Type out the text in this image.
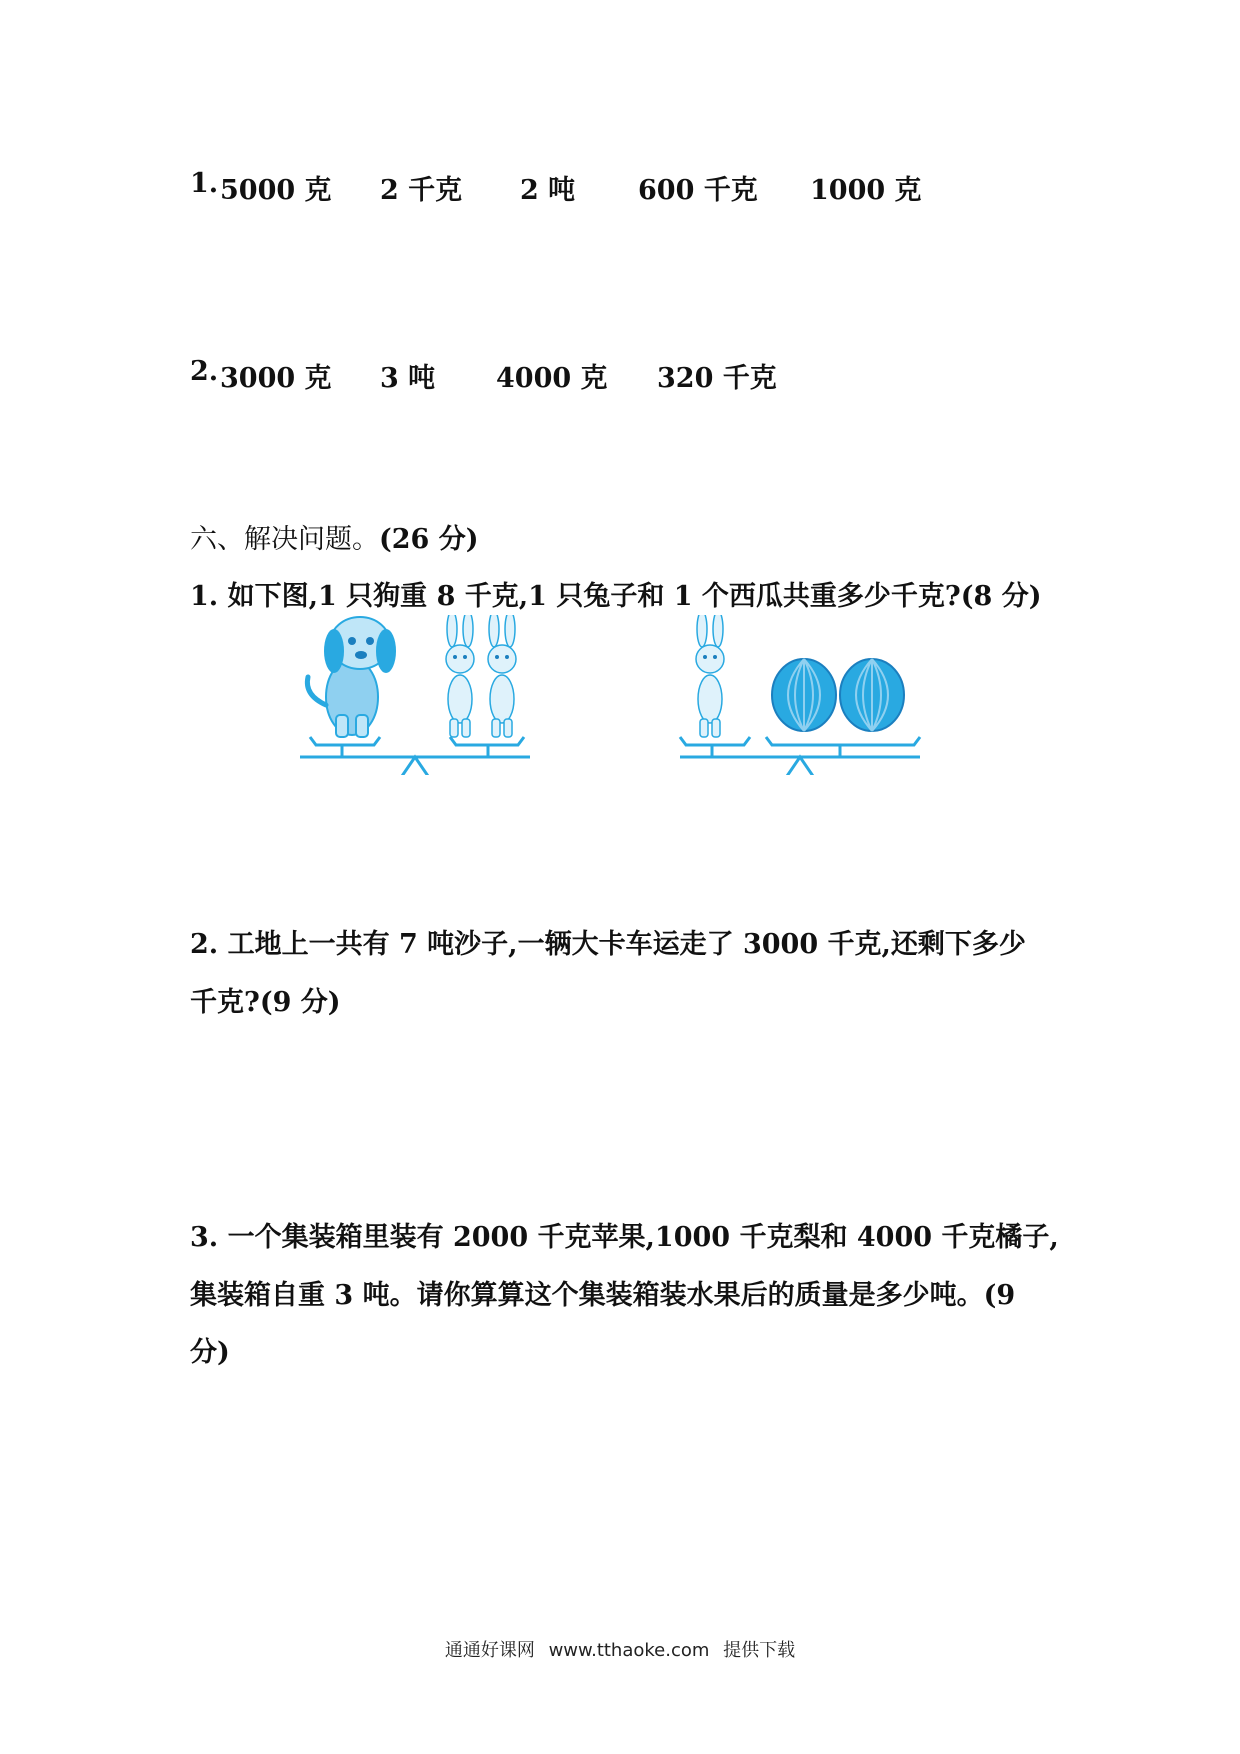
1. 5000 克 2 千克 2 吨 600 千克 1000 克
2. 3000 克 3 吨 4000 克 320 千克
六、解决问题。(26 分)
1. 如下图,1 只狗重 8 千克,1 只兔子和 1 个西瓜共重多少千克?(8 分)
2. 工地上一共有 7 吨沙子,一辆大卡车运走了 3000 千克,还剩下多少
千克?(9 分)
3. 一个集装箱里装有 2000 千克苹果,1000 千克梨和 4000 千克橘子,
集装箱自重 3 吨。请你算算这个集装箱装水果后的质量是多少吨。(9
分)
通通好课网 www.tthaoke.com 提供下载
